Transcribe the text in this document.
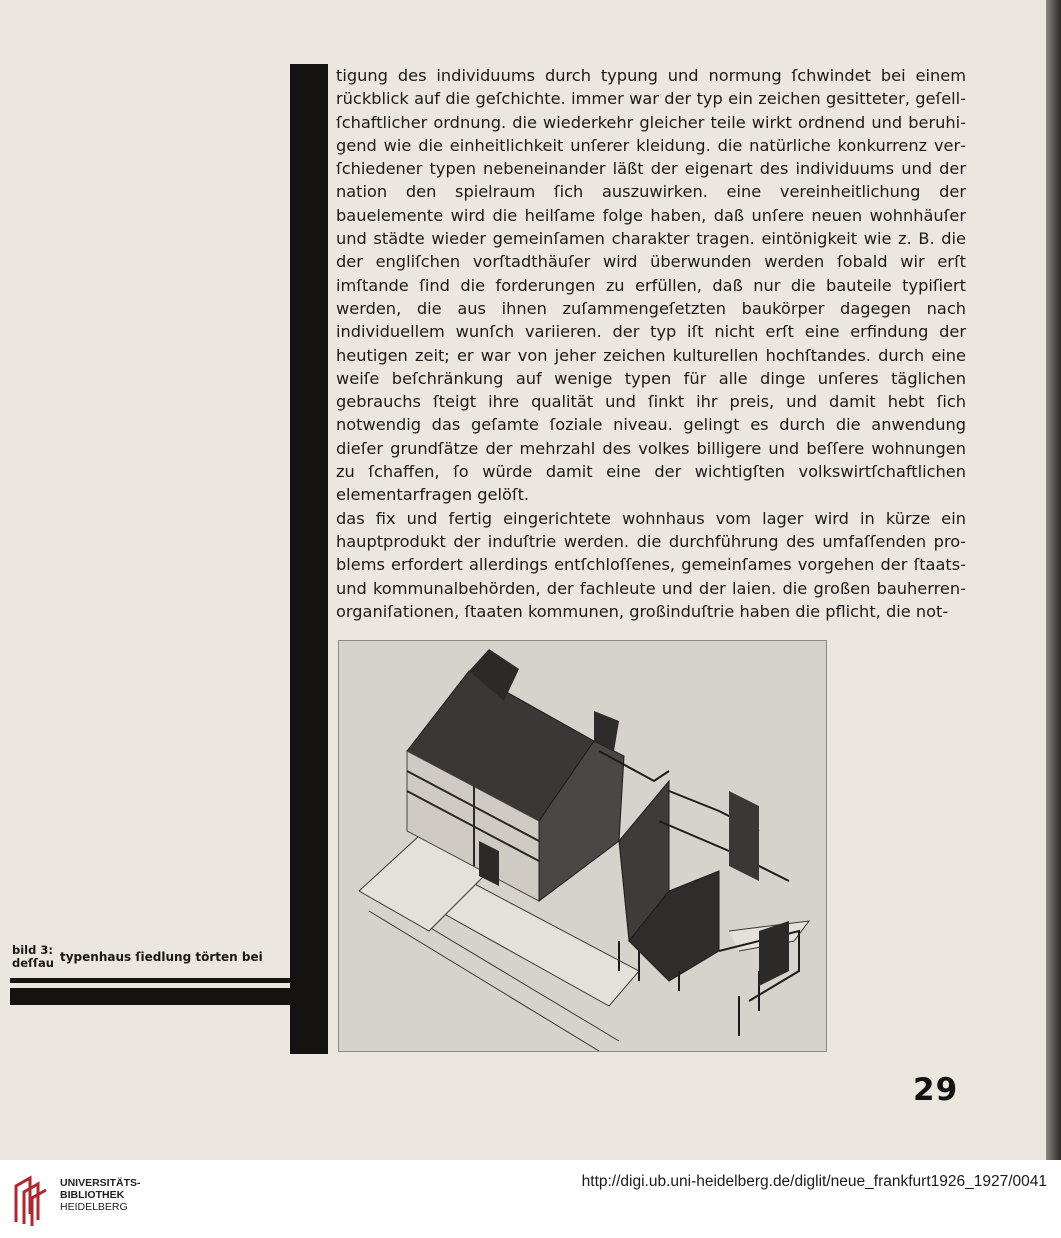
tigung des individuums durch typung und normung ſchwindet bei einem rückblick auf die geſchichte. immer war der typ ein zeichen gesitteter, geſellſchaftlicher ordnung. die wiederkehr gleicher teile wirkt ordnend und beruhigend wie die einheitlichkeit unſerer kleidung. die natürliche konkurrenz verſchiedener typen nebeneinander läßt der eigenart des individuums und der nation den spielraum ſich auszuwirken. eine vereinheitlichung der bauelemente wird die heilſame folge haben, daß unſere neuen wohnhäuſer und städte wieder gemeinſamen charakter tragen. eintönigkeit wie z. B. die der engliſchen vorſtadthäuſer wird überwunden werden ſobald wir erſt imſtande ſind die forderungen zu erfüllen, daß nur die bauteile typiſiert werden, die aus ihnen zuſammengeſetzten baukörper dagegen nach individuellem wunſch variieren. der typ iſt nicht erſt eine erfindung der heutigen zeit; er war von jeher zeichen kulturellen hochſtandes. durch eine weiſe beſchränkung auf wenige typen für alle dinge unſeres täglichen gebrauchs ſteigt ihre qualität und ſinkt ihr preis, und damit hebt ſich notwendig das geſamte ſoziale niveau. gelingt es durch die anwendung dieſer grundſätze der mehrzahl des volkes billigere und beſſere wohnungen zu ſchaffen, ſo würde damit eine der wichtigſten volkswirtſchaftlichen elementarfragen gelöſt.

das fix und fertig eingerichtete wohnhaus vom lager wird in kürze ein hauptprodukt der induſtrie werden. die durchführung des umfaſſenden problems erfordert allerdings entſchloſſenes, gemeinſames vorgehen der ſtaats- und kommunalbehörden, der fachleute und der laien. die großen bauherrenorganiſationen, ſtaaten kommunen, großinduſtrie haben die pflicht, die not-

bild 3: deſſau typenhaus ſiedlung törten bei
29
UNIVERSITÄTS-
BIBLIOTHEK
HEIDELBERG
http://digi.ub.uni-heidelberg.de/diglit/neue_frankfurt1926_1927/0041
